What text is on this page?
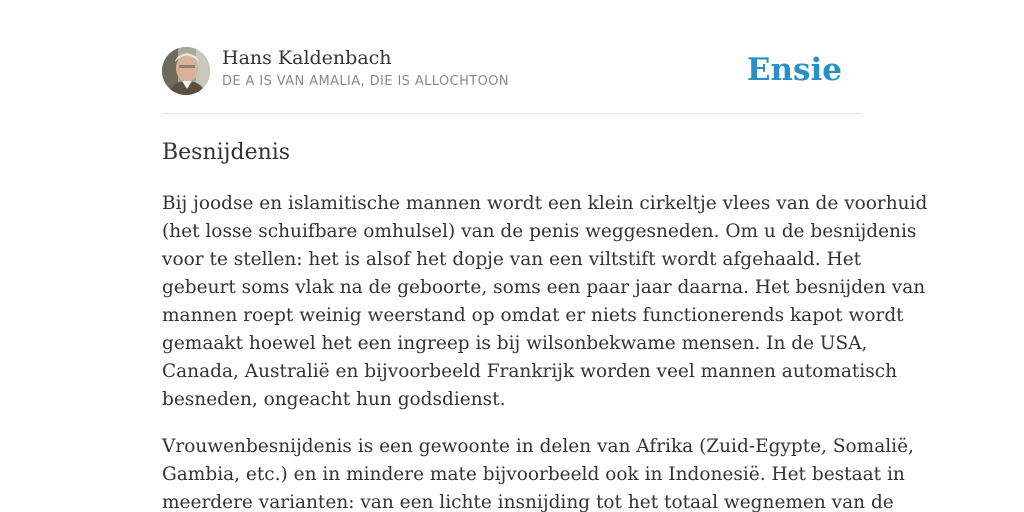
Hans Kaldenbach
DE A IS VAN AMALIA, DIE IS ALLOCHTOON	Ensie
Besnijdenis

Bij joodse en islamitische mannen wordt een klein cirkeltje vlees van de voorhuid
(het losse schuifbare omhulsel) van de penis weggesneden. Om u de besnijdenis
voor te stellen: het is alsof het dopje van een viltstift wordt afgehaald. Het
gebeurt soms vlak na de geboorte, soms een paar jaar daarna. Het besnijden van
mannen roept weinig weerstand op omdat er niets functionerends kapot wordt
gemaakt hoewel het een ingreep is bij wilsonbekwame mensen. In de USA,
Canada, Australië en bijvoorbeeld Frankrijk worden veel mannen automatisch
besneden, ongeacht hun godsdienst.

Vrouwenbesnijdenis is een gewoonte in delen van Afrika (Zuid-Egypte, Somalië,
Gambia, etc.) en in mindere mate bijvoorbeeld ook in Indonesië. Het bestaat in
meerdere varianten: van een lichte insnijding tot het totaal wegnemen van de
